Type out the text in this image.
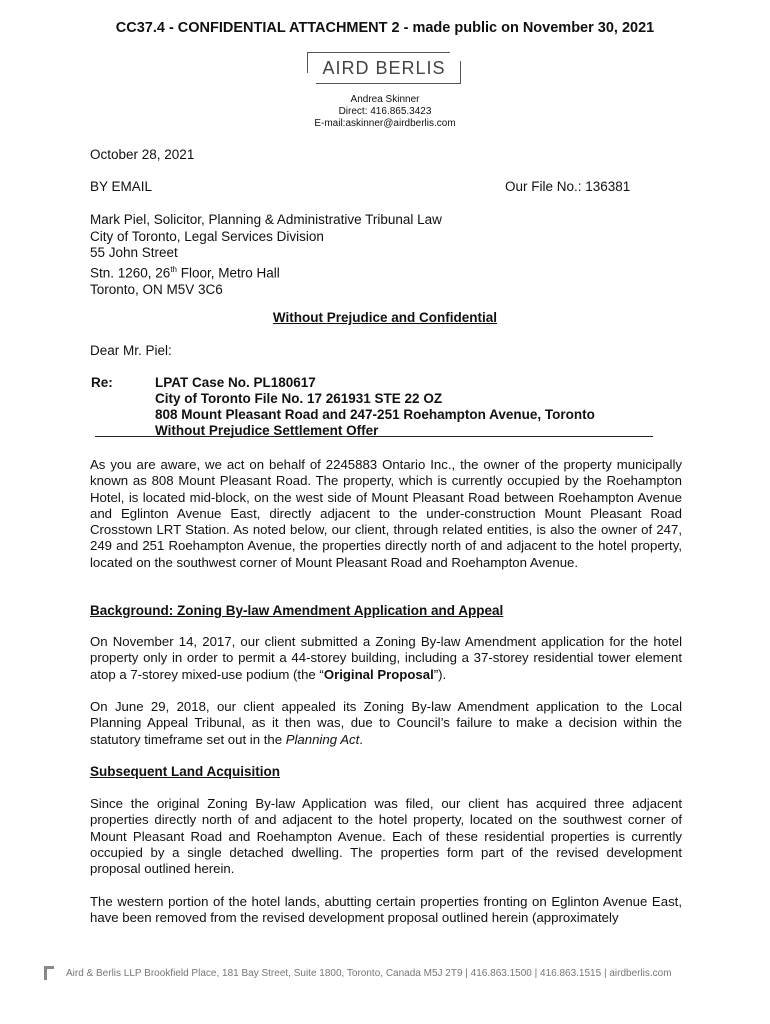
CC37.4 - CONFIDENTIAL ATTACHMENT 2 - made public on November 30, 2021
AIRD BERLIS
Andrea Skinner
Direct: 416.865.3423
E-mail:askinner@airdberlis.com
October 28, 2021
BY EMAIL	Our File No.: 136381
Mark Piel, Solicitor, Planning & Administrative Tribunal Law
City of Toronto, Legal Services Division
55 John Street
Stn. 1260, 26th Floor, Metro Hall
Toronto, ON M5V 3C6
Without Prejudice and Confidential
Dear Mr. Piel:
Re:	LPAT Case No. PL180617
City of Toronto File No. 17 261931 STE 22 OZ
808 Mount Pleasant Road and 247-251 Roehampton Avenue, Toronto
Without Prejudice Settlement Offer
As you are aware, we act on behalf of 2245883 Ontario Inc., the owner of the property municipally known as 808 Mount Pleasant Road. The property, which is currently occupied by the Roehampton Hotel, is located mid-block, on the west side of Mount Pleasant Road between Roehampton Avenue and Eglinton Avenue East, directly adjacent to the under-construction Mount Pleasant Road Crosstown LRT Station. As noted below, our client, through related entities, is also the owner of 247, 249 and 251 Roehampton Avenue, the properties directly north of and adjacent to the hotel property, located on the southwest corner of Mount Pleasant Road and Roehampton Avenue.
Background: Zoning By-law Amendment Application and Appeal
On November 14, 2017, our client submitted a Zoning By-law Amendment application for the hotel property only in order to permit a 44-storey building, including a 37-storey residential tower element atop a 7-storey mixed-use podium (the “Original Proposal”).
On June 29, 2018, our client appealed its Zoning By-law Amendment application to the Local Planning Appeal Tribunal, as it then was, due to Council’s failure to make a decision within the statutory timeframe set out in the Planning Act.
Subsequent Land Acquisition
Since the original Zoning By-law Application was filed, our client has acquired three adjacent properties directly north of and adjacent to the hotel property, located on the southwest corner of Mount Pleasant Road and Roehampton Avenue. Each of these residential properties is currently occupied by a single detached dwelling. The properties form part of the revised development proposal outlined herein.
The western portion of the hotel lands, abutting certain properties fronting on Eglinton Avenue East, have been removed from the revised development proposal outlined herein (approximately
Aird & Berlis LLP Brookfield Place, 181 Bay Street, Suite 1800, Toronto, Canada M5J 2T9 | 416.863.1500 | 416.863.1515 | airdberlis.com
